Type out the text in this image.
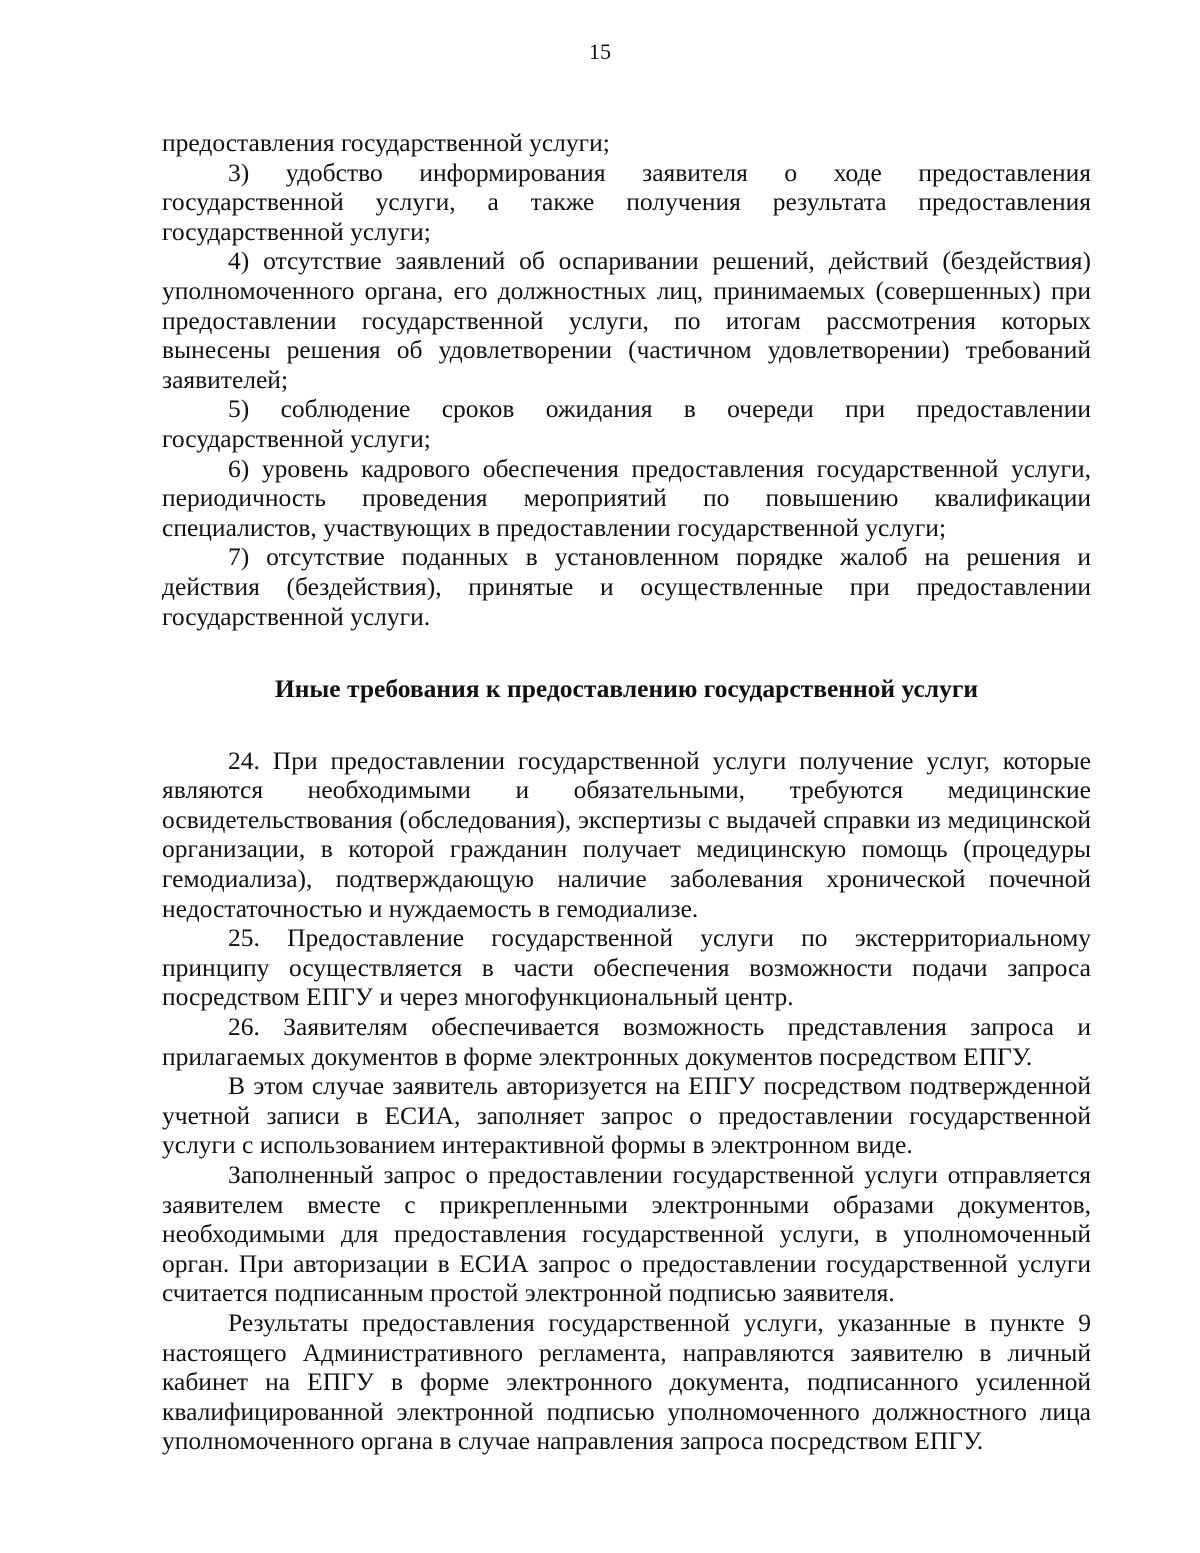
15

предоставления государственной услуги;

3) удобство информирования заявителя о ходе предоставления государственной услуги, а также получения результата предоставления государственной услуги;

4) отсутствие заявлений об оспаривании решений, действий (бездействия) уполномоченного органа, его должностных лиц, принимаемых (совершенных) при предоставлении государственной услуги, по итогам рассмотрения которых вынесены решения об удовлетворении (частичном удовлетворении) требований заявителей;

5) соблюдение сроков ожидания в очереди при предоставлении государственной услуги;

6) уровень кадрового обеспечения предоставления государственной услуги, периодичность проведения мероприятий по повышению квалификации специалистов, участвующих в предоставлении государственной услуги;

7) отсутствие поданных в установленном порядке жалоб на решения и действия (бездействия), принятые и осуществленные при предоставлении государственной услуги.

Иные требования к предоставлению государственной услуги

24. При предоставлении государственной услуги получение услуг, которые являются необходимыми и обязательными, требуются медицинские освидетельствования (обследования), экспертизы с выдачей справки из медицинской организации, в которой гражданин получает медицинскую помощь (процедуры гемодиализа), подтверждающую наличие заболевания хронической почечной недостаточностью и нуждаемость в гемодиализе.

25. Предоставление государственной услуги по экстерриториальному принципу осуществляется в части обеспечения возможности подачи запроса посредством ЕПГУ и через многофункциональный центр.

26. Заявителям обеспечивается возможность представления запроса и прилагаемых документов в форме электронных документов посредством ЕПГУ.

В этом случае заявитель авторизуется на ЕПГУ посредством подтвержденной учетной записи в ЕСИА, заполняет запрос о предоставлении государственной услуги с использованием интерактивной формы в электронном виде.

Заполненный запрос о предоставлении государственной услуги отправляется заявителем вместе с прикрепленными электронными образами документов, необходимыми для предоставления государственной услуги, в уполномоченный орган. При авторизации в ЕСИА запрос о предоставлении государственной услуги считается подписанным простой электронной подписью заявителя.

Результаты предоставления государственной услуги, указанные в пункте 9 настоящего Административного регламента, направляются заявителю в личный кабинет на ЕПГУ в форме электронного документа, подписанного усиленной квалифицированной электронной подписью уполномоченного должностного лица уполномоченного органа в случае направления запроса посредством ЕПГУ.
